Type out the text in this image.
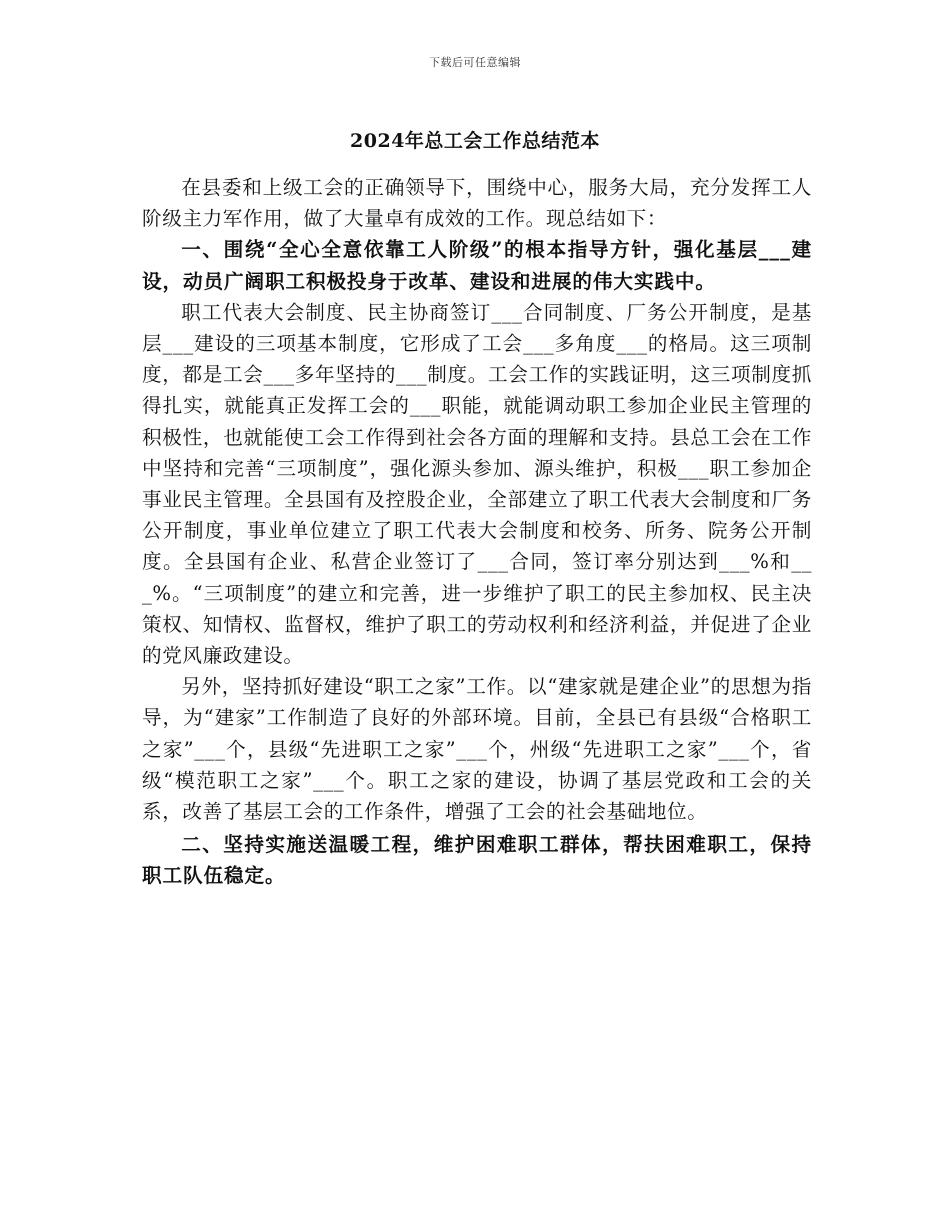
下载后可任意编辑
2024年总工会工作总结范本

在县委和上级工会的正确领导下，围绕中心，服务大局，充分发挥工人阶级主力军作用，做了大量卓有成效的工作。现总结如下：

一、围绕“全心全意依靠工人阶级”的根本指导方针，强化基层___建设，动员广阔职工积极投身于改革、建设和进展的伟大实践中。

职工代表大会制度、民主协商签订___合同制度、厂务公开制度，是基层___建设的三项基本制度，它形成了工会___多角度___的格局。这三项制度，都是工会___多年坚持的___制度。工会工作的实践证明，这三项制度抓得扎实，就能真正发挥工会的___职能，就能调动职工参加企业民主管理的积极性，也就能使工会工作得到社会各方面的理解和支持。县总工会在工作中坚持和完善“三项制度”，强化源头参加、源头维护，积极___职工参加企事业民主管理。全县国有及控股企业，全部建立了职工代表大会制度和厂务公开制度，事业单位建立了职工代表大会制度和校务、所务、院务公开制度。全县国有企业、私营企业签订了___合同，签订率分别达到___%和___%。“三项制度”的建立和完善，进一步维护了职工的民主参加权、民主决策权、知情权、监督权，维护了职工的劳动权利和经济利益，并促进了企业的党风廉政建设。

另外，坚持抓好建设“职工之家”工作。以“建家就是建企业”的思想为指导，为“建家”工作制造了良好的外部环境。目前，全县已有县级“合格职工之家”___个，县级“先进职工之家”___个，州级“先进职工之家”___个，省级“模范职工之家”___个。职工之家的建设，协调了基层党政和工会的关系，改善了基层工会的工作条件，增强了工会的社会基础地位。

二、坚持实施送温暖工程，维护困难职工群体，帮扶困难职工，保持职工队伍稳定。
